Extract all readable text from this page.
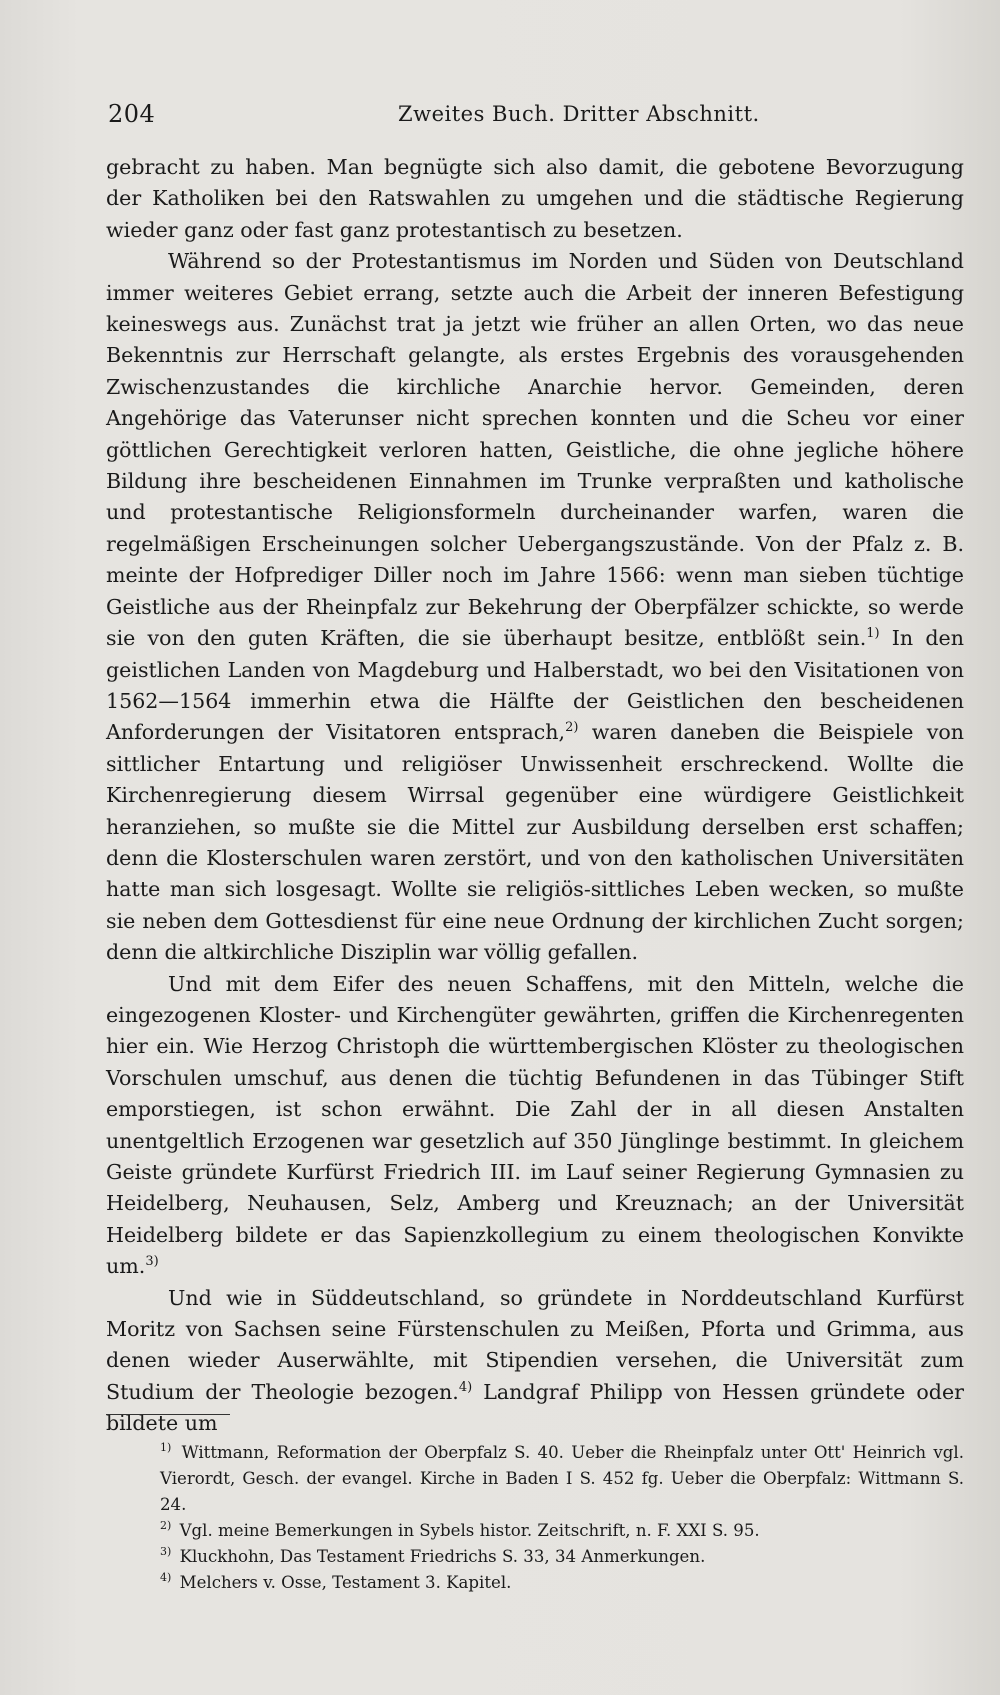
204	Zweites Buch. Dritter Abschnitt.

gebracht zu haben. Man begnügte sich also damit, die gebotene Bevorzugung der Katholiken bei den Ratswahlen zu umgehen und die städtische Regierung wieder ganz oder fast ganz protestantisch zu besetzen.

Während so der Protestantismus im Norden und Süden von Deutschland immer weiteres Gebiet errang, setzte auch die Arbeit der inneren Befestigung keineswegs aus. Zunächst trat ja jetzt wie früher an allen Orten, wo das neue Bekenntnis zur Herrschaft gelangte, als erstes Ergebnis des vorausgehenden Zwischenzustandes die kirchliche Anarchie hervor. Gemeinden, deren Angehörige das Vaterunser nicht sprechen konnten und die Scheu vor einer göttlichen Gerechtigkeit verloren hatten, Geistliche, die ohne jegliche höhere Bildung ihre bescheidenen Einnahmen im Trunke verpraßten und katholische und protestantische Religionsformeln durcheinander warfen, waren die regelmäßigen Erscheinungen solcher Uebergangszustände. Von der Pfalz z. B. meinte der Hofprediger Diller noch im Jahre 1566: wenn man sieben tüchtige Geistliche aus der Rheinpfalz zur Bekehrung der Oberpfälzer schickte, so werde sie von den guten Kräften, die sie überhaupt besitze, entblößt sein.$^{1)}$ In den geistlichen Landen von Magdeburg und Halberstadt, wo bei den Visitationen von 1562—1564 immerhin etwa die Hälfte der Geistlichen den bescheidenen Anforderungen der Visitatoren entsprach,$^{2)}$ waren daneben die Beispiele von sittlicher Entartung und religiöser Unwissenheit erschreckend. Wollte die Kirchenregierung diesem Wirrsal gegenüber eine würdigere Geistlichkeit heranziehen, so mußte sie die Mittel zur Ausbildung derselben erst schaffen; denn die Klosterschulen waren zerstört, und von den katholischen Universitäten hatte man sich losgesagt. Wollte sie religiös-sittliches Leben wecken, so mußte sie neben dem Gottesdienst für eine neue Ordnung der kirchlichen Zucht sorgen; denn die altkirchliche Disziplin war völlig gefallen.

Und mit dem Eifer des neuen Schaffens, mit den Mitteln, welche die eingezogenen Kloster- und Kirchengüter gewährten, griffen die Kirchenregenten hier ein. Wie Herzog Christoph die württembergischen Klöster zu theologischen Vorschulen umschuf, aus denen die tüchtig Befundenen in das Tübinger Stift emporstiegen, ist schon erwähnt. Die Zahl der in all diesen Anstalten unentgeltlich Erzogenen war gesetzlich auf 350 Jünglinge bestimmt. In gleichem Geiste gründete Kurfürst Friedrich III. im Lauf seiner Regierung Gymnasien zu Heidelberg, Neuhausen, Selz, Amberg und Kreuznach; an der Universität Heidelberg bildete er das Sapienzkollegium zu einem theologischen Konvikte um.$^{3)}$

Und wie in Süddeutschland, so gründete in Norddeutschland Kurfürst Moritz von Sachsen seine Fürstenschulen zu Meißen, Pforta und Grimma, aus denen wieder Auserwählte, mit Stipendien versehen, die Universität zum Studium der Theologie bezogen.$^{4)}$ Landgraf Philipp von Hessen gründete oder bildete um

$^{1)}$ Wittmann, Reformation der Oberpfalz S. 40. Ueber die Rheinpfalz unter Ott' Heinrich vgl. Vierordt, Gesch. der evangel. Kirche in Baden I S. 452 fg. Ueber die Oberpfalz: Wittmann S. 24.

$^{2)}$ Vgl. meine Bemerkungen in Sybels histor. Zeitschrift, n. F. XXI S. 95.

$^{3)}$ Kluckhohn, Das Testament Friedrichs S. 33, 34 Anmerkungen.

$^{4)}$ Melchers v. Osse, Testament 3. Kapitel.
